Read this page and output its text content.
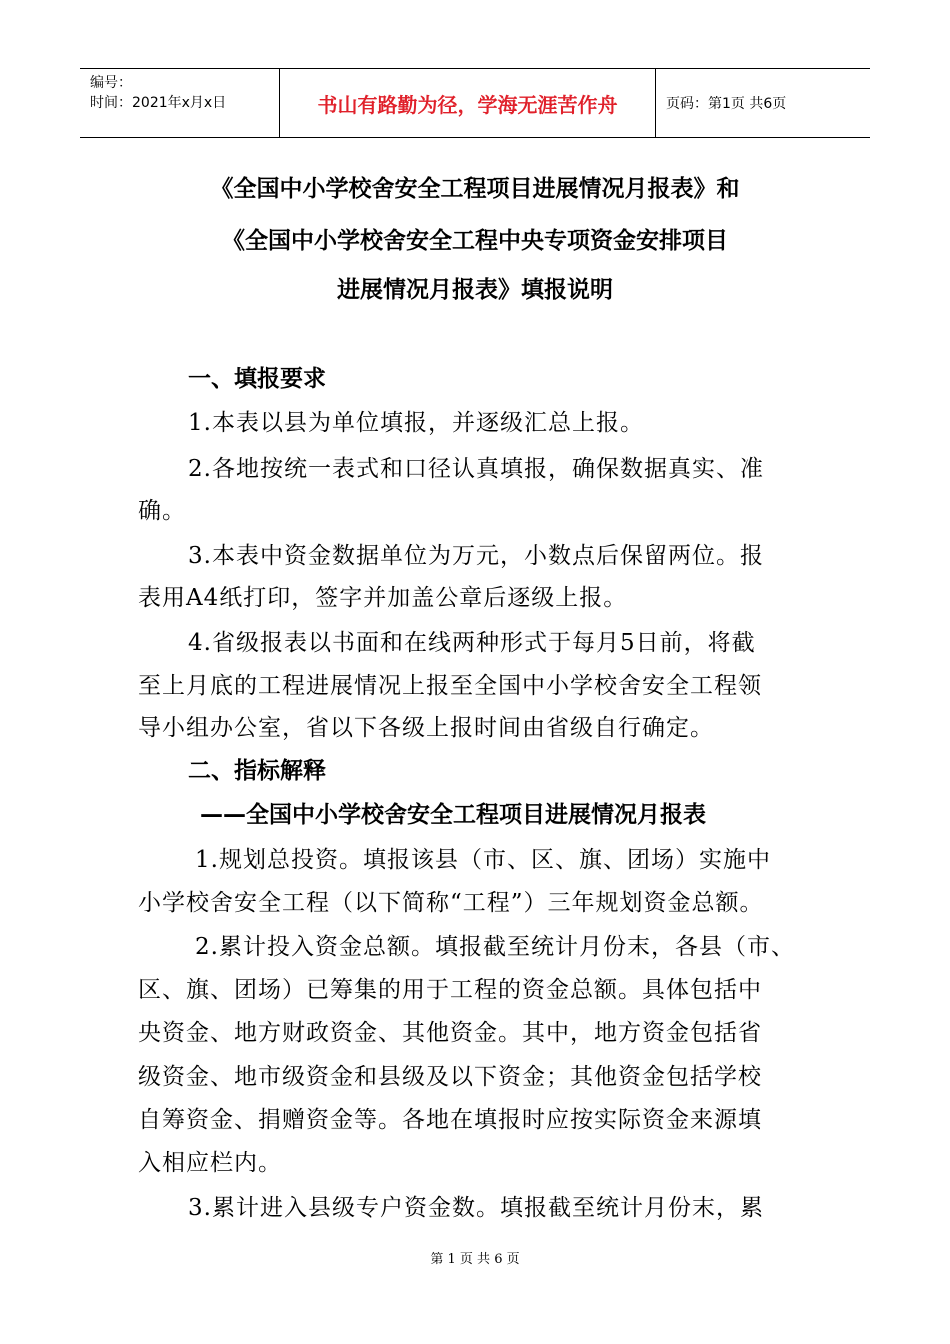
编号：
时间：2021年x月x日	书山有路勤为径，学海无涯苦作舟	页码：第1页 共6页
《全国中小学校舍安全工程项目进展情况月报表》和
《全国中小学校舍安全工程中央专项资金安排项目
进展情况月报表》填报说明
一、填报要求
1.本表以县为单位填报，并逐级汇总上报。
2.各地按统一表式和口径认真填报，确保数据真实、准
确。
3.本表中资金数据单位为万元，小数点后保留两位。报
表用A4纸打印，签字并加盖公章后逐级上报。
4.省级报表以书面和在线两种形式于每月5日前，将截
至上月底的工程进展情况上报至全国中小学校舍安全工程领
导小组办公室，省以下各级上报时间由省级自行确定。
二、指标解释
——全国中小学校舍安全工程项目进展情况月报表
1.规划总投资。填报该县（市、区、旗、团场）实施中
小学校舍安全工程（以下简称“工程”）三年规划资金总额。
2.累计投入资金总额。填报截至统计月份末，各县（市、
区、旗、团场）已筹集的用于工程的资金总额。具体包括中
央资金、地方财政资金、其他资金。其中，地方资金包括省
级资金、地市级资金和县级及以下资金；其他资金包括学校
自筹资金、捐赠资金等。各地在填报时应按实际资金来源填
入相应栏内。
3.累计进入县级专户资金数。填报截至统计月份末，累
第 1 页 共 6 页
